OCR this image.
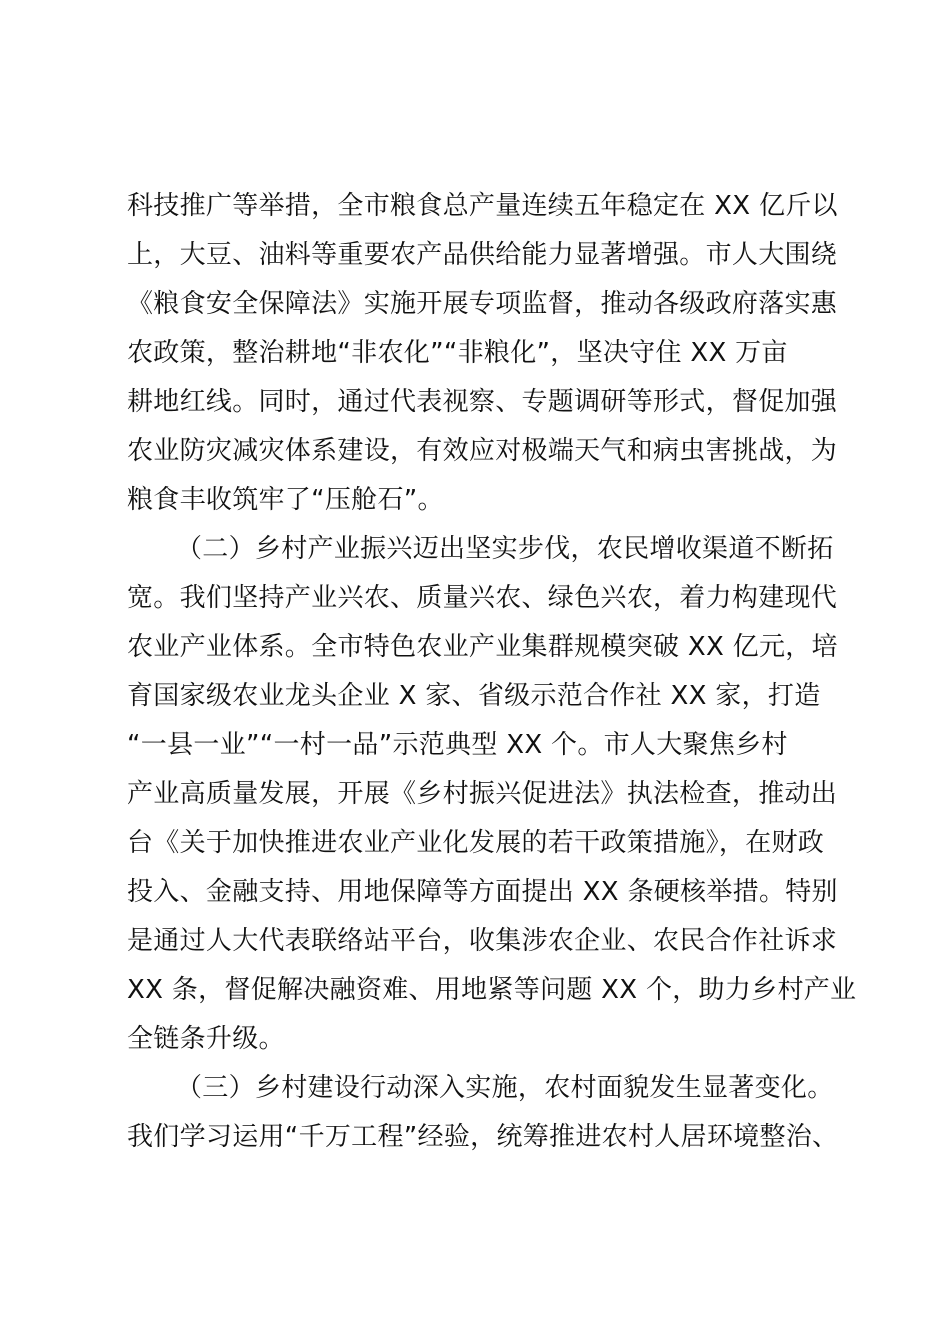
科技推广等举措，全市粮食总产量连续五年稳定在 XX 亿斤以
上，大豆、油料等重要农产品供给能力显著增强。市人大围绕
《粮食安全保障法》实施开展专项监督，推动各级政府落实惠
农政策，整治耕地“非农化”“非粮化”，坚决守住 XX 万亩
耕地红线。同时，通过代表视察、专题调研等形式，督促加强
农业防灾减灾体系建设，有效应对极端天气和病虫害挑战，为
粮食丰收筑牢了“压舱石”。
（二）乡村产业振兴迈出坚实步伐，农民增收渠道不断拓
宽。我们坚持产业兴农、质量兴农、绿色兴农，着力构建现代
农业产业体系。全市特色农业产业集群规模突破 XX 亿元，培
育国家级农业龙头企业 X 家、省级示范合作社 XX 家，打造
“一县一业”“一村一品”示范典型 XX 个。市人大聚焦乡村
产业高质量发展，开展《乡村振兴促进法》执法检查，推动出
台《关于加快推进农业产业化发展的若干政策措施》，在财政
投入、金融支持、用地保障等方面提出 XX 条硬核举措。特别
是通过人大代表联络站平台，收集涉农企业、农民合作社诉求
XX 条，督促解决融资难、用地紧等问题 XX 个，助力乡村产业
全链条升级。
（三）乡村建设行动深入实施，农村面貌发生显著变化。
我们学习运用“千万工程”经验，统筹推进农村人居环境整治、
